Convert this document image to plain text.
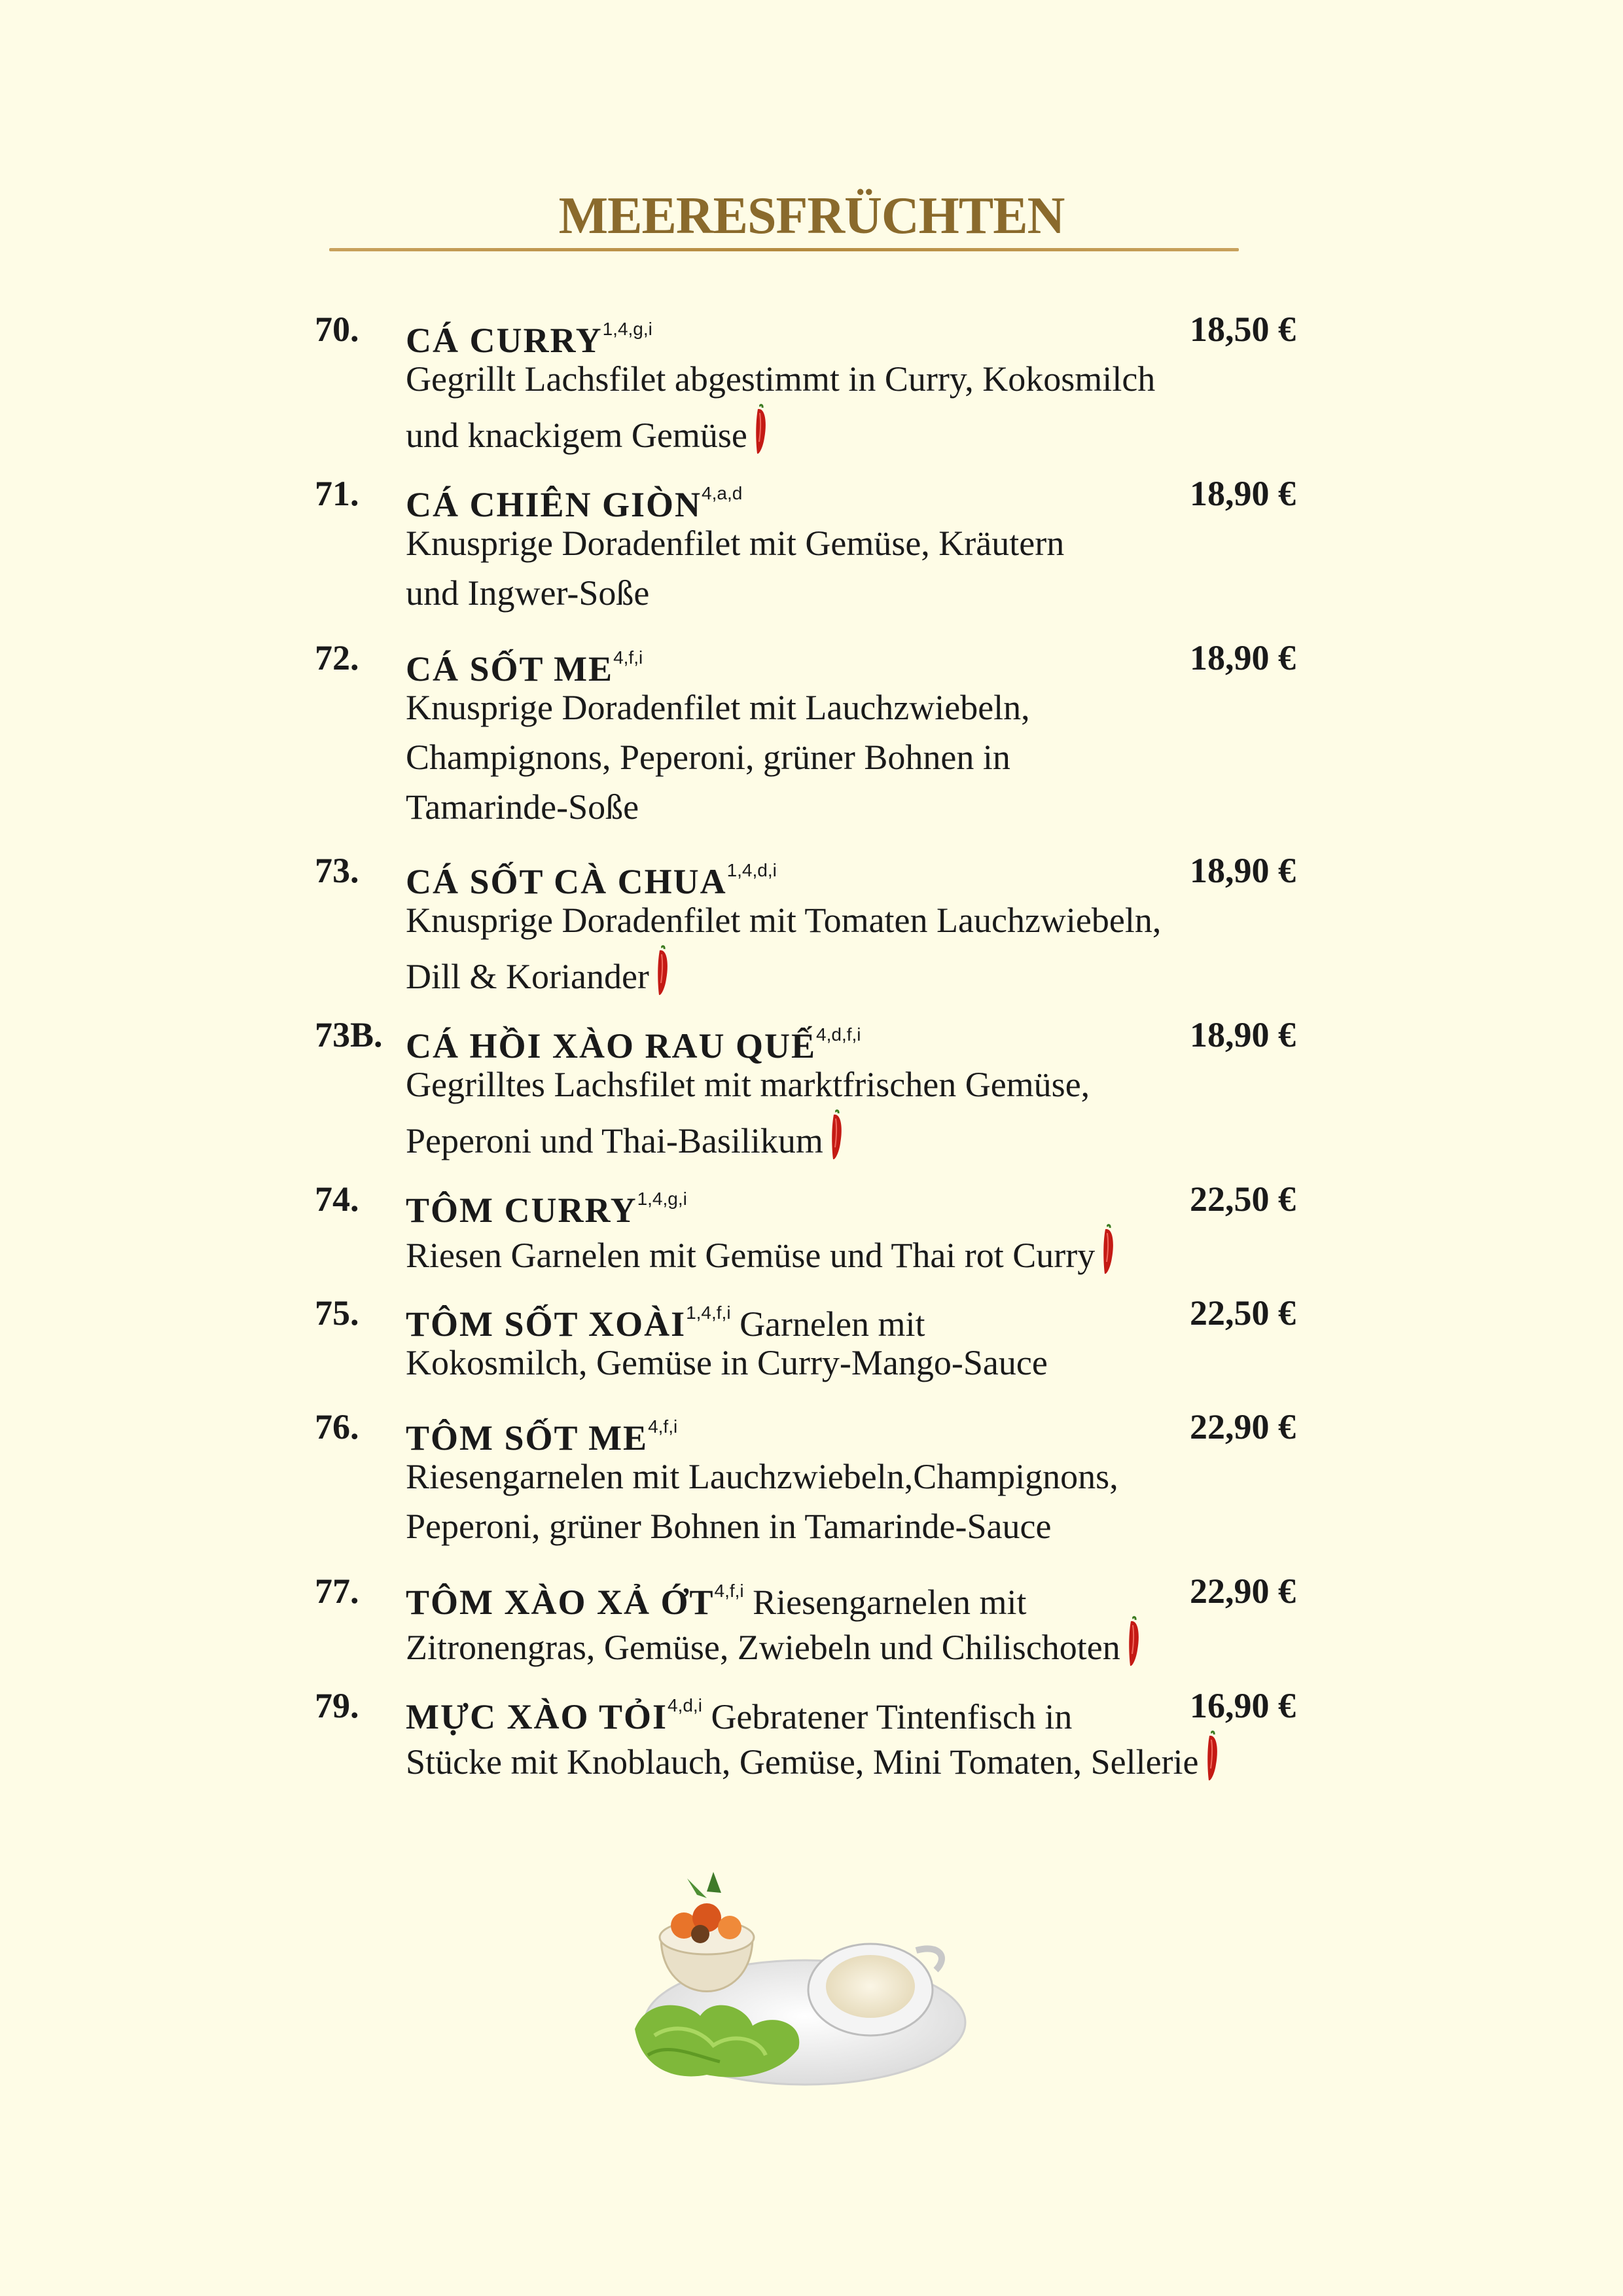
MEERESFRÜCHTEN
70. CÁ CURRY$^{1,4,g,i}$	18,50 €
Gegrillt Lachsfilet abgestimmt in Curry, Kokosmilch
und knackigem Gemüse
71. CÁ CHIÊN GIÒN$^{4,a,d}$	18,90 €
Knusprige Doradenfilet mit Gemüse, Kräutern
und Ingwer-Soße
72. CÁ SỐT ME$^{4,f,i}$	18,90 €
Knusprige Doradenfilet mit Lauchzwiebeln,
Champignons, Peperoni, grüner Bohnen in
Tamarinde-Soße
73. CÁ SỐT CÀ CHUA$^{1,4,d,i}$	18,90 €
Knusprige Doradenfilet mit Tomaten Lauchzwiebeln,
Dill & Koriander
73B. CÁ HỒI XÀO RAU QUẾ$^{4,d,f,i}$	18,90 €
Gegrilltes Lachsfilet mit marktfrischen Gemüse,
Peperoni und Thai-Basilikum
74. TÔM CURRY$^{1,4,g,i}$	22,50 €
Riesen Garnelen mit Gemüse und Thai rot Curry
75. TÔM SỐT XOÀI$^{1,4,f,i}$ Garnelen mit	22,50 €
Kokosmilch, Gemüse in Curry-Mango-Sauce
76. TÔM SỐT ME$^{4,f,i}$	22,90 €
Riesengarnelen mit Lauchzwiebeln,Champignons,
Peperoni, grüner Bohnen in Tamarinde-Sauce
77. TÔM XÀO XẢ ỚT$^{4,f,i}$ Riesengarnelen mit	22,90 €
Zitronengras, Gemüse, Zwiebeln und Chilischoten
79. MỰC XÀO TỎI$^{4,d,i}$ Gebratener Tintenfisch in	16,90 €
Stücke mit Knoblauch, Gemüse, Mini Tomaten, Sellerie
